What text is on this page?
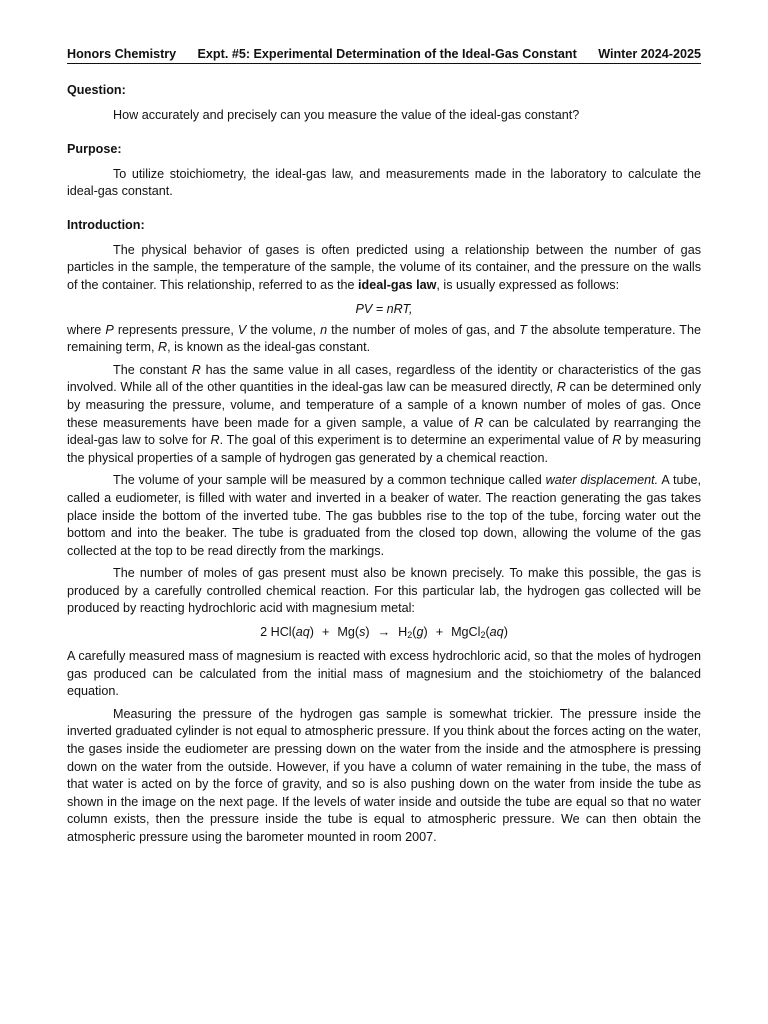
Honors Chemistry Expt. #5: Experimental Determination of the Ideal-Gas Constant Winter 2024-2025
Question:

How accurately and precisely can you measure the value of the ideal-gas constant?

Purpose:

To utilize stoichiometry, the ideal-gas law, and measurements made in the laboratory to calculate the ideal-gas constant.

Introduction:

The physical behavior of gases is often predicted using a relationship between the number of gas particles in the sample, the temperature of the sample, the volume of its container, and the pressure on the walls of the container. This relationship, referred to as the ideal-gas law, is usually expressed as follows:

PV = nRT,

where P represents pressure, V the volume, n the number of moles of gas, and T the absolute temperature. The remaining term, R, is known as the ideal-gas constant.

The constant R has the same value in all cases, regardless of the identity or characteristics of the gas involved. While all of the other quantities in the ideal-gas law can be measured directly, R can be determined only by measuring the pressure, volume, and temperature of a sample of a known number of moles of gas. Once these measurements have been made for a given sample, a value of R can be calculated by rearranging the ideal-gas law to solve for R. The goal of this experiment is to determine an experimental value of R by measuring the physical properties of a sample of hydrogen gas generated by a chemical reaction.

The volume of your sample will be measured by a common technique called water displacement. A tube, called a eudiometer, is filled with water and inverted in a beaker of water. The reaction generating the gas takes place inside the bottom of the inverted tube. The gas bubbles rise to the top of the tube, forcing water out the bottom and into the beaker. The tube is graduated from the closed top down, allowing the volume of the gas collected at the top to be read directly from the markings.

The number of moles of gas present must also be known precisely. To make this possible, the gas is produced by a carefully controlled chemical reaction. For this particular lab, the hydrogen gas collected will be produced by reacting hydrochloric acid with magnesium metal:

2 $HCl(aq) + Mg(s) \to H_2(g)$ + MgCl$_2$(aq)

A carefully measured mass of magnesium is reacted with excess hydrochloric acid, so that the moles of hydrogen gas produced can be calculated from the initial mass of magnesium and the stoichiometry of the balanced equation.

Measuring the pressure of the hydrogen gas sample is somewhat trickier. The pressure inside the inverted graduated cylinder is not equal to atmospheric pressure. If you think about the forces acting on the water, the gases inside the eudiometer are pressing down on the water from the inside and the atmosphere is pressing down on the water from the outside. However, if you have a column of water remaining in the tube, the mass of that water is acted on by the force of gravity, and so is also pushing down on the water from inside the tube as shown in the image on the next page. If the levels of water inside and outside the tube are equal so that no water column exists, then the pressure inside the tube is equal to atmospheric pressure. We can then obtain the atmospheric pressure using the barometer mounted in room 2007.
